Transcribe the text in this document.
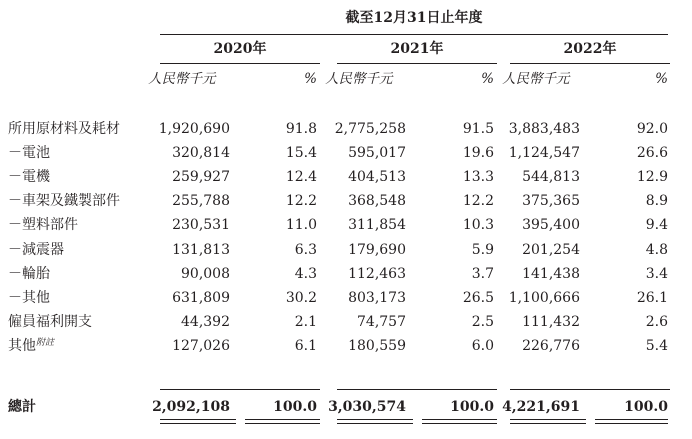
截至12月31日止年度
2020年	2021年	2022年
人民幣千元	% 人民幣千元	% 人民幣千元	%
所用原材料及耗材	1,920,690	91.8	2,775,258	91.5	3,883,483	92.0
－電池	320,814	15.4	595,017	19.6	1,124,547	26.6
－電機	259,927	12.4	404,513	13.3	544,813	12.9
－車架及鐵製部件	255,788	12.2	368,548	12.2	375,365	8.9
－塑料部件	230,531	11.0	311,854	10.3	395,400	9.4
－減震器	131,813	6.3	179,690	5.9	201,254	4.8
－輪胎	90,008	4.3	112,463	3.7	141,438	3.4
－其他	631,809	30.2	803,173	26.5	1,100,666	26.1
僱員福利開支	44,392	2.1	74,757	2.5	111,432	2.6
其他$^{附註}$	127,026	6.1	180,559	6.0	226,776	5.4
總計	2,092,108	100.0 3,030,574	100.0 4,221,691	100.0
